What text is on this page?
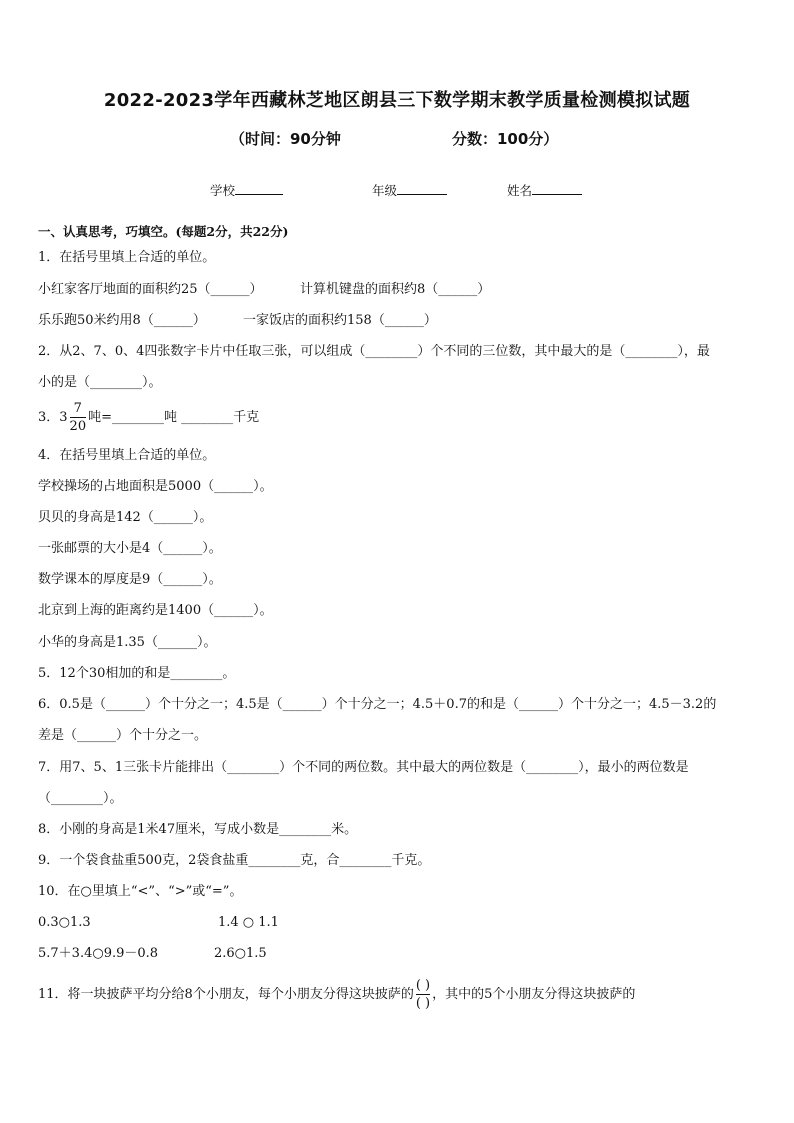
2022-2023学年西藏林芝地区朗县三下数学期末教学质量检测模拟试题
（时间：90分钟	分数：100分）
学校	年级	姓名
一、认真思考，巧填空。(每题2分，共22分)
1．在括号里填上合适的单位。
小红家客厅地面的面积约25（______）	计算机键盘的面积约8（______）
乐乐跑50米约用8（______）	一家饭店的面积约158（______）
2．从2、7、0、4四张数字卡片中任取三张，可以组成（________）个不同的三位数，其中最大的是（________），最
小的是（________）。
3．$3 \frac{7}{20}$ 吨=________吨 ________千克
4．在括号里填上合适的单位。
学校操场的占地面积是5000（______）。
贝贝的身高是142（______）。
一张邮票的大小是4（______）。
数学课本的厚度是9（______）。
北京到上海的距离约是1400（______）。
小华的身高是1.35（______）。
5．12个30相加的和是________。
6．0.5是（______）个十分之一；4.5是（______）个十分之一；4.5＋0.7的和是（______）个十分之一；4.5－3.2的
差是（______）个十分之一。
7．用7、5、1三张卡片能排出（________）个不同的两位数。其中最大的两位数是（________），最小的两位数是
（________）。
8．小刚的身高是1米47厘米，写成小数是________米。
9．一个袋食盐重500克，2袋食盐重________克，合________千克。
10．在○里填上“<”、“>”或“=”。
0.3○1.3	1.4 ○ 1.1
5.7＋3.4○9.9－0.8	2.6○1.5
11．将一块披萨平均分给8个小朋友，每个小朋友分得这块披萨的 $\frac{( )}{( )}$ ，其中的5个小朋友分得这块披萨的
